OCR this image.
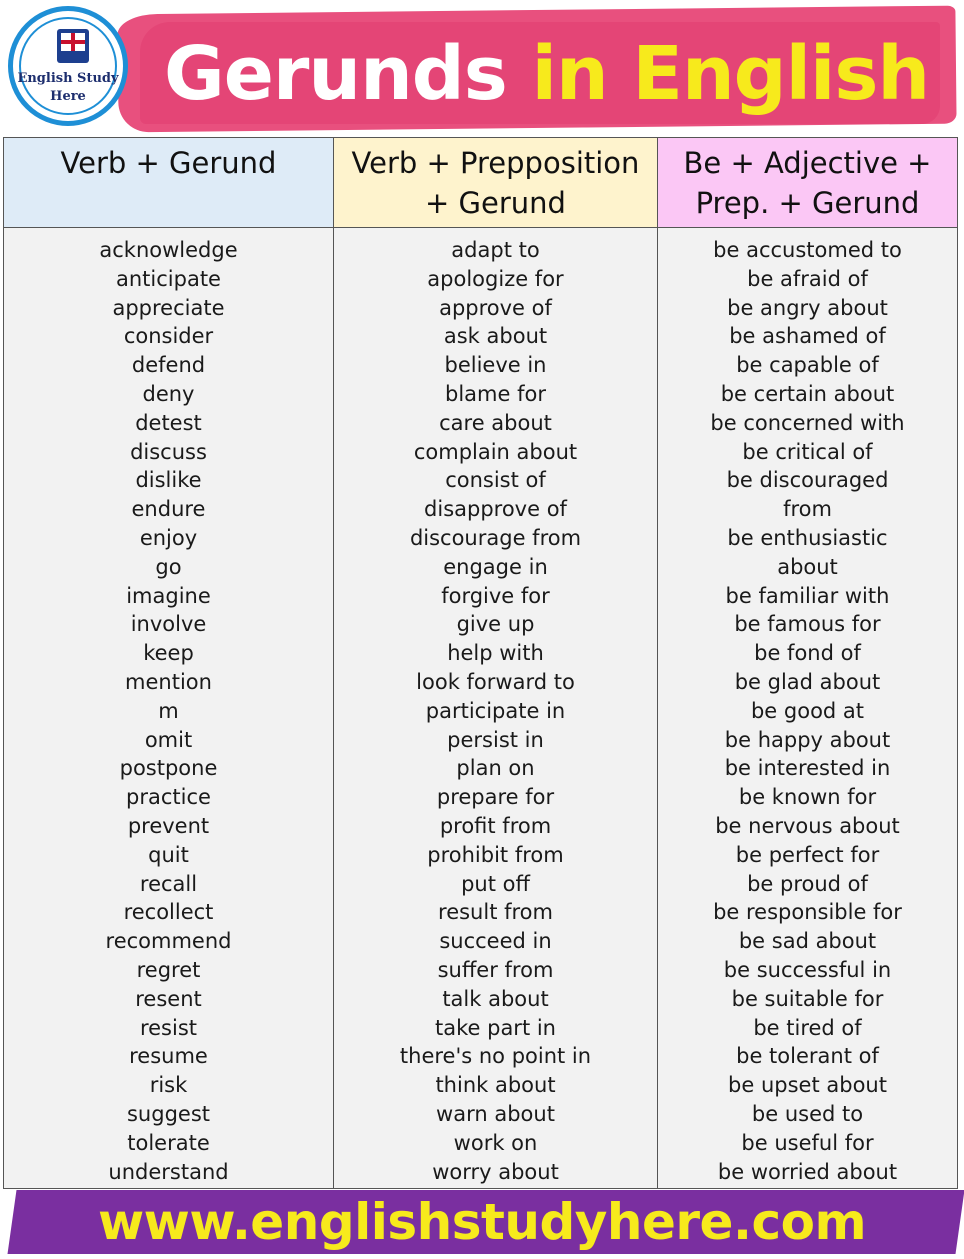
Gerunds in English
English Study
Here
Verb + Gerund	Verb + Prepposition
+ Gerund
Be + Adjective +
Prep. + Gerund
acknowledge
anticipate
appreciate
consider
defend
deny
detest
discuss
dislike
endure
enjoy
go
imagine
involve
keep
mention
m
omit
postpone
practice
prevent
quit
recall
recollect
recommend
regret
resent
resist
resume
risk
suggest
tolerate
understand
adapt to
apologize for
approve of
ask about
believe in
blame for
care about
complain about
consist of
disapprove of
discourage from
engage in
forgive for
give up
help with
look forward to
participate in
persist in
plan on
prepare for
profit from
prohibit from
put off
result from
succeed in
suffer from
talk about
take part in
there's no point in
think about
warn about
work on
worry about
be accustomed to
be afraid of
be angry about
be ashamed of
be capable of
be certain about
be concerned with
be critical of
be discouraged
from
be enthusiastic
about
be familiar with
be famous for
be fond of
be glad about
be good at
be happy about
be interested in
be known for
be nervous about
be perfect for
be proud of
be responsible for
be sad about
be successful in
be suitable for
be tired of
be tolerant of
be upset about
be used to
be useful for
be worried about
www.englishstudyhere.com
